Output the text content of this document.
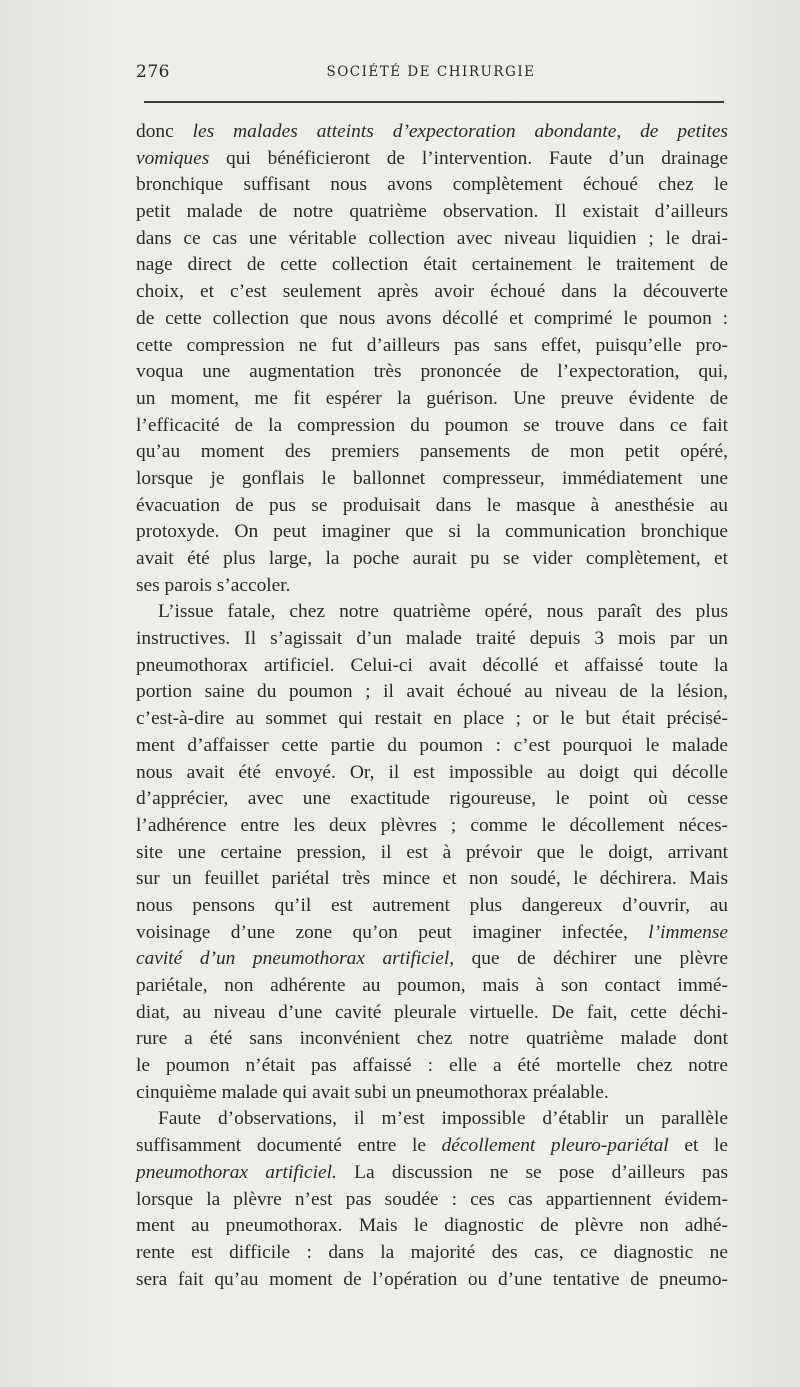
276	SOCIÉTÉ DE CHIRURGIE
donc les malades atteints d’expectoration abondante, de petites
vomiques qui bénéficieront de l’intervention. Faute d’un drainage
bronchique suffisant nous avons complètement échoué chez le
petit malade de notre quatrième observation. Il existait d’ailleurs
dans ce cas une véritable collection avec niveau liquidien ; le drai-
nage direct de cette collection était certainement le traitement de
choix, et c’est seulement après avoir échoué dans la découverte
de cette collection que nous avons décollé et comprimé le poumon :
cette compression ne fut d’ailleurs pas sans effet, puisqu’elle pro-
voqua une augmentation très prononcée de l’expectoration, qui,
un moment, me fit espérer la guérison. Une preuve évidente de
l’efficacité de la compression du poumon se trouve dans ce fait
qu’au moment des premiers pansements de mon petit opéré,
lorsque je gonflais le ballonnet compresseur, immédiatement une
évacuation de pus se produisait dans le masque à anesthésie au
protoxyde. On peut imaginer que si la communication bronchique
avait été plus large, la poche aurait pu se vider complètement, et
ses parois s’accoler.
L’issue fatale, chez notre quatrième opéré, nous paraît des plus
instructives. Il s’agissait d’un malade traité depuis 3 mois par un
pneumothorax artificiel. Celui-ci avait décollé et affaissé toute la
portion saine du poumon ; il avait échoué au niveau de la lésion,
c’est-à-dire au sommet qui restait en place ; or le but était précisé-
ment d’affaisser cette partie du poumon : c’est pourquoi le malade
nous avait été envoyé. Or, il est impossible au doigt qui décolle
d’apprécier, avec une exactitude rigoureuse, le point où cesse
l’adhérence entre les deux plèvres ; comme le décollement néces-
site une certaine pression, il est à prévoir que le doigt, arrivant
sur un feuillet pariétal très mince et non soudé, le déchirera. Mais
nous pensons qu’il est autrement plus dangereux d’ouvrir, au
voisinage d’une zone qu’on peut imaginer infectée, l’immense
cavité d’un pneumothorax artificiel, que de déchirer une plèvre
pariétale, non adhérente au poumon, mais à son contact immé-
diat, au niveau d’une cavité pleurale virtuelle. De fait, cette déchi-
rure a été sans inconvénient chez notre quatrième malade dont
le poumon n’était pas affaissé : elle a été mortelle chez notre
cinquième malade qui avait subi un pneumothorax préalable.
Faute d’observations, il m’est impossible d’établir un parallèle
suffisamment documenté entre le décollement pleuro-pariétal et le
pneumothorax artificiel. La discussion ne se pose d’ailleurs pas
lorsque la plèvre n’est pas soudée : ces cas appartiennent évidem-
ment au pneumothorax. Mais le diagnostic de plèvre non adhé-
rente est difficile : dans la majorité des cas, ce diagnostic ne
sera fait qu’au moment de l’opération ou d’une tentative de pneumo-
